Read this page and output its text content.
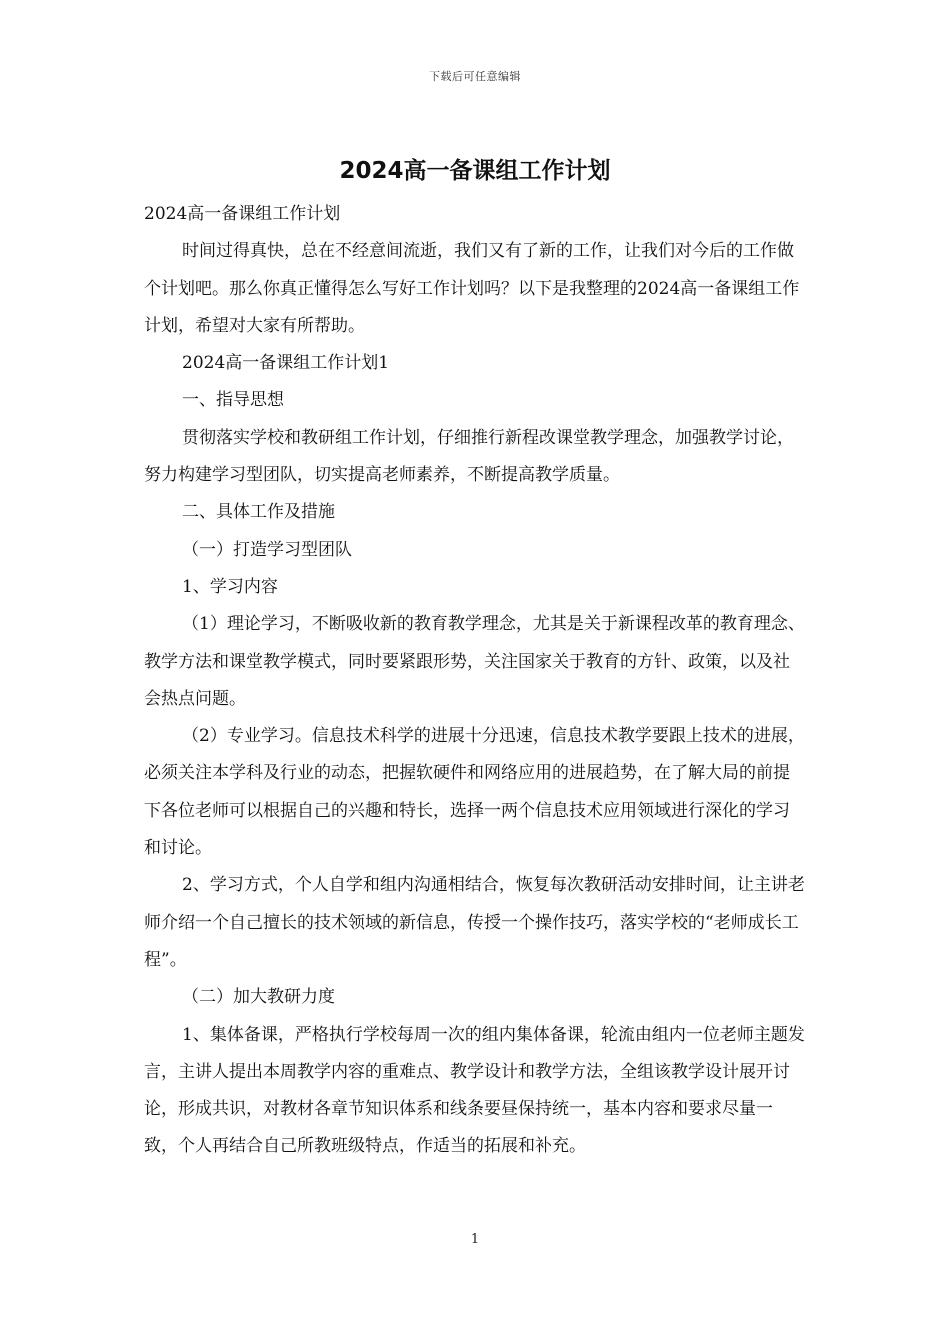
下载后可任意编辑
2024高一备课组工作计划

2024高一备课组工作计划

时间过得真快，总在不经意间流逝，我们又有了新的工作，让我们对今后的工作做个计划吧。那么你真正懂得怎么写好工作计划吗？以下是我整理的2024高一备课组工作计划，希望对大家有所帮助。

2024高一备课组工作计划1

一、指导思想

贯彻落实学校和教研组工作计划，仔细推行新程改课堂教学理念，加强教学讨论，努力构建学习型团队，切实提高老师素养，不断提高教学质量。

二、具体工作及措施

（一）打造学习型团队

1、学习内容

（1）理论学习，不断吸收新的教育教学理念，尤其是关于新课程改革的教育理念、教学方法和课堂教学模式，同时要紧跟形势，关注国家关于教育的方针、政策，以及社会热点问题。

（2）专业学习。信息技术科学的进展十分迅速，信息技术教学要跟上技术的进展，必须关注本学科及行业的动态，把握软硬件和网络应用的进展趋势，在了解大局的前提下各位老师可以根据自己的兴趣和特长，选择一两个信息技术应用领域进行深化的学习和讨论。

2、学习方式，个人自学和组内沟通相结合，恢复每次教研活动安排时间，让主讲老师介绍一个自己擅长的技术领域的新信息，传授一个操作技巧，落实学校的“老师成长工程”。

（二）加大教研力度

1、集体备课，严格执行学校每周一次的组内集体备课，轮流由组内一位老师主题发言，主讲人提出本周教学内容的重难点、教学设计和教学方法，全组该教学设计展开讨论，形成共识，对教材各章节知识体系和线条要昼保持统一，基本内容和要求尽量一致，个人再结合自己所教班级特点，作适当的拓展和补充。

1
